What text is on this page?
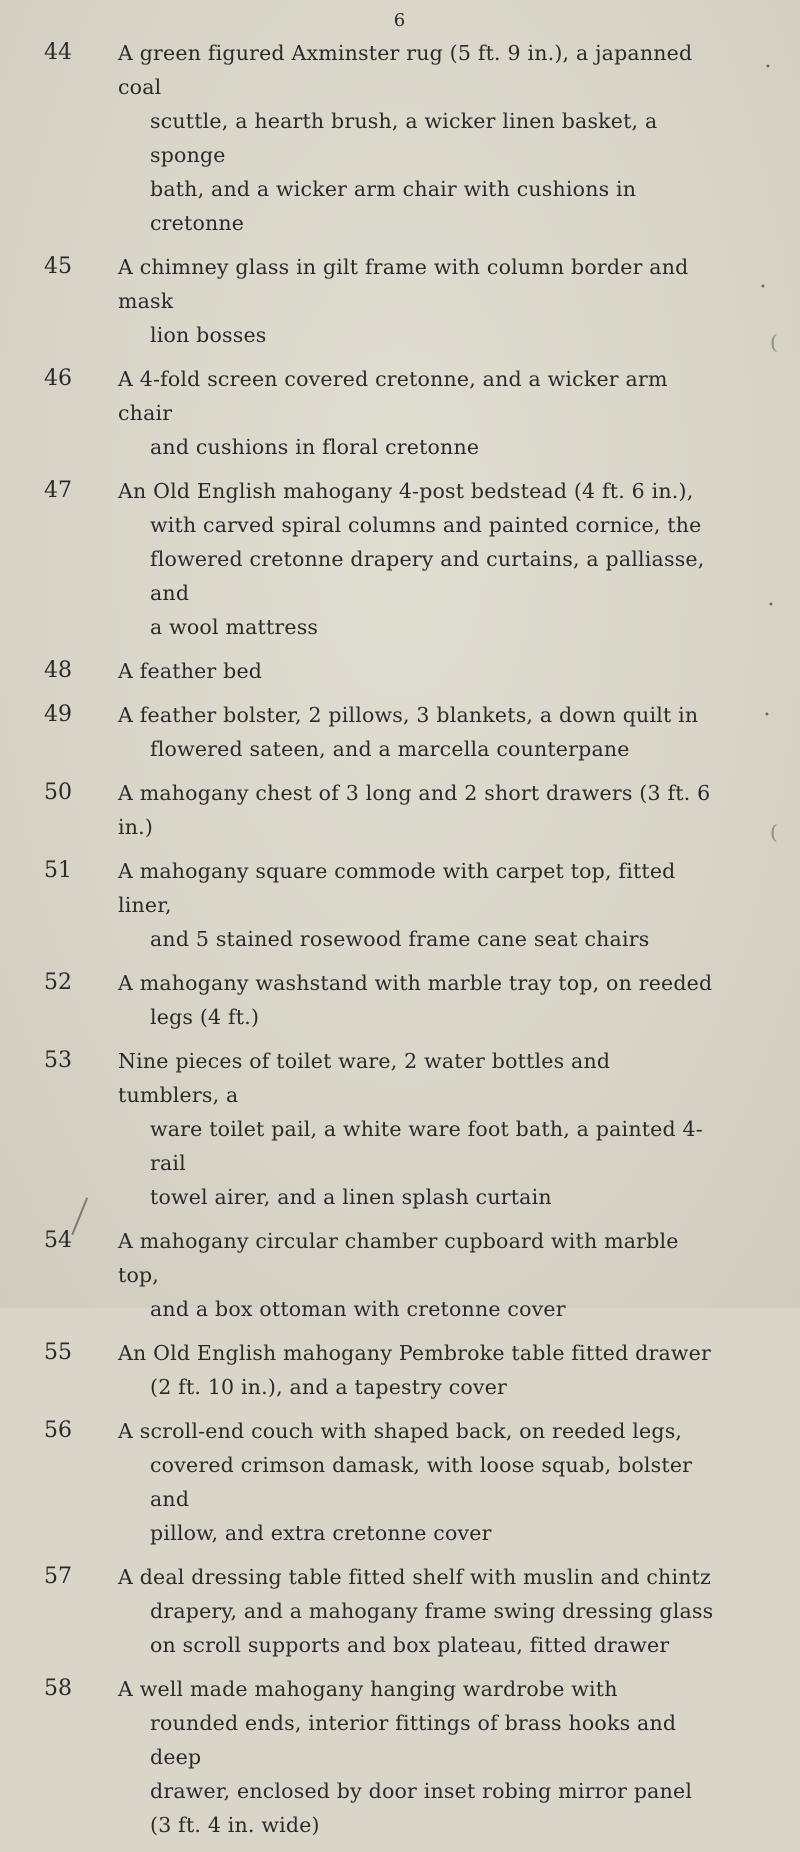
6
44	A green figured Axminster rug (5 ft. 9 in.), a japanned coal
scuttle, a hearth brush, a wicker linen basket, a sponge
bath, and a wicker arm chair with cushions in cretonne
45	A chimney glass in gilt frame with column border and mask
lion bosses
46	A 4-fold screen covered cretonne, and a wicker arm chair
and cushions in floral cretonne
47	An Old English mahogany 4-post bedstead (4 ft. 6 in.),
with carved spiral columns and painted cornice, the
flowered cretonne drapery and curtains, a palliasse, and
a wool mattress
48	A feather bed
49	A feather bolster, 2 pillows, 3 blankets, a down quilt in
flowered sateen, and a marcella counterpane
50	A mahogany chest of 3 long and 2 short drawers (3 ft. 6 in.)
51	A mahogany square commode with carpet top, fitted liner,
and 5 stained rosewood frame cane seat chairs
52	A mahogany washstand with marble tray top, on reeded
legs (4 ft.)
53	Nine pieces of toilet ware, 2 water bottles and tumblers, a
ware toilet pail, a white ware foot bath, a painted 4-rail
towel airer, and a linen splash curtain
54	A mahogany circular chamber cupboard with marble top,
and a box ottoman with cretonne cover
55	An Old English mahogany Pembroke table fitted drawer
(2 ft. 10 in.), and a tapestry cover
56	A scroll-end couch with shaped back, on reeded legs,
covered crimson damask, with loose squab, bolster and
pillow, and extra cretonne cover
57	A deal dressing table fitted shelf with muslin and chintz
drapery, and a mahogany frame swing dressing glass
on scroll supports and box plateau, fitted drawer
58	A well made mahogany hanging wardrobe with
rounded ends, interior fittings of brass hooks and deep
drawer, enclosed by door inset robing mirror panel
(3 ft. 4 in. wide)
(
(
•
•
•
•
